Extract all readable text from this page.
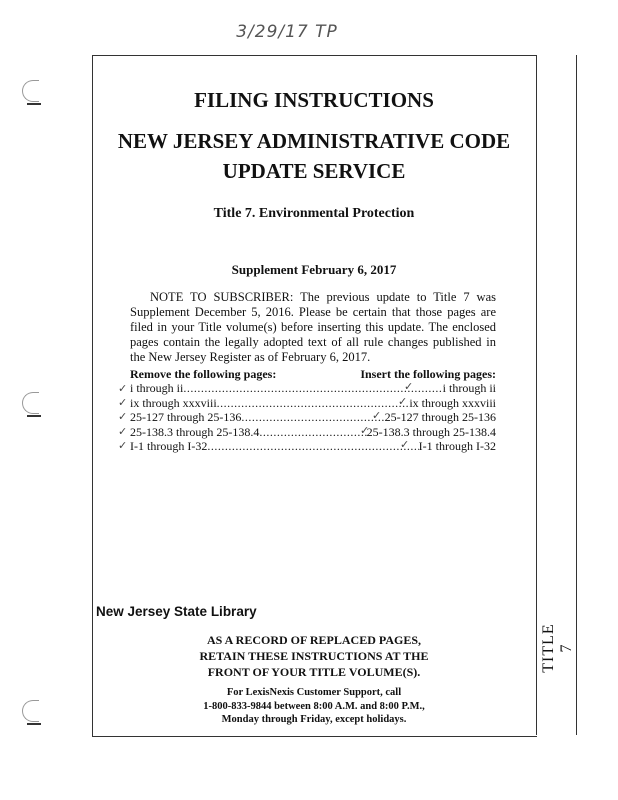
3/29/17 TP
TITLE 7
FILING INSTRUCTIONS
NEW JERSEY ADMINISTRATIVE CODE
UPDATE SERVICE
Title 7. Environmental Protection
Supplement February 6, 2017
NOTE TO SUBSCRIBER: The previous update to Title 7 was Supplement December 5, 2016. Please be certain that those pages are filed in your Title volume(s) before inserting this update. The enclosed pages contain the legally adopted text of all rule changes published in the New Jersey Register as of February 6, 2017.
Remove the following pages:	Insert the following pages:
i through ii .....	i through ii
ix through xxxviii .....	ix through xxxviii
25-127 through 25-136 .....	25-127 through 25-136
25-138.3 through 25-138.4 .....	25-138.3 through 25-138.4
I-1 through I-32 .....	I-1 through I-32
✓
✓
✓
✓
✓
✓
✓
✓
✓
✓
New Jersey State Library
AS A RECORD OF REPLACED PAGES,
RETAIN THESE INSTRUCTIONS AT THE
FRONT OF YOUR TITLE VOLUME(S).
For LexisNexis Customer Support, call
1-800-833-9844 between 8:00 A.M. and 8:00 P.M.,
Monday through Friday, except holidays.
